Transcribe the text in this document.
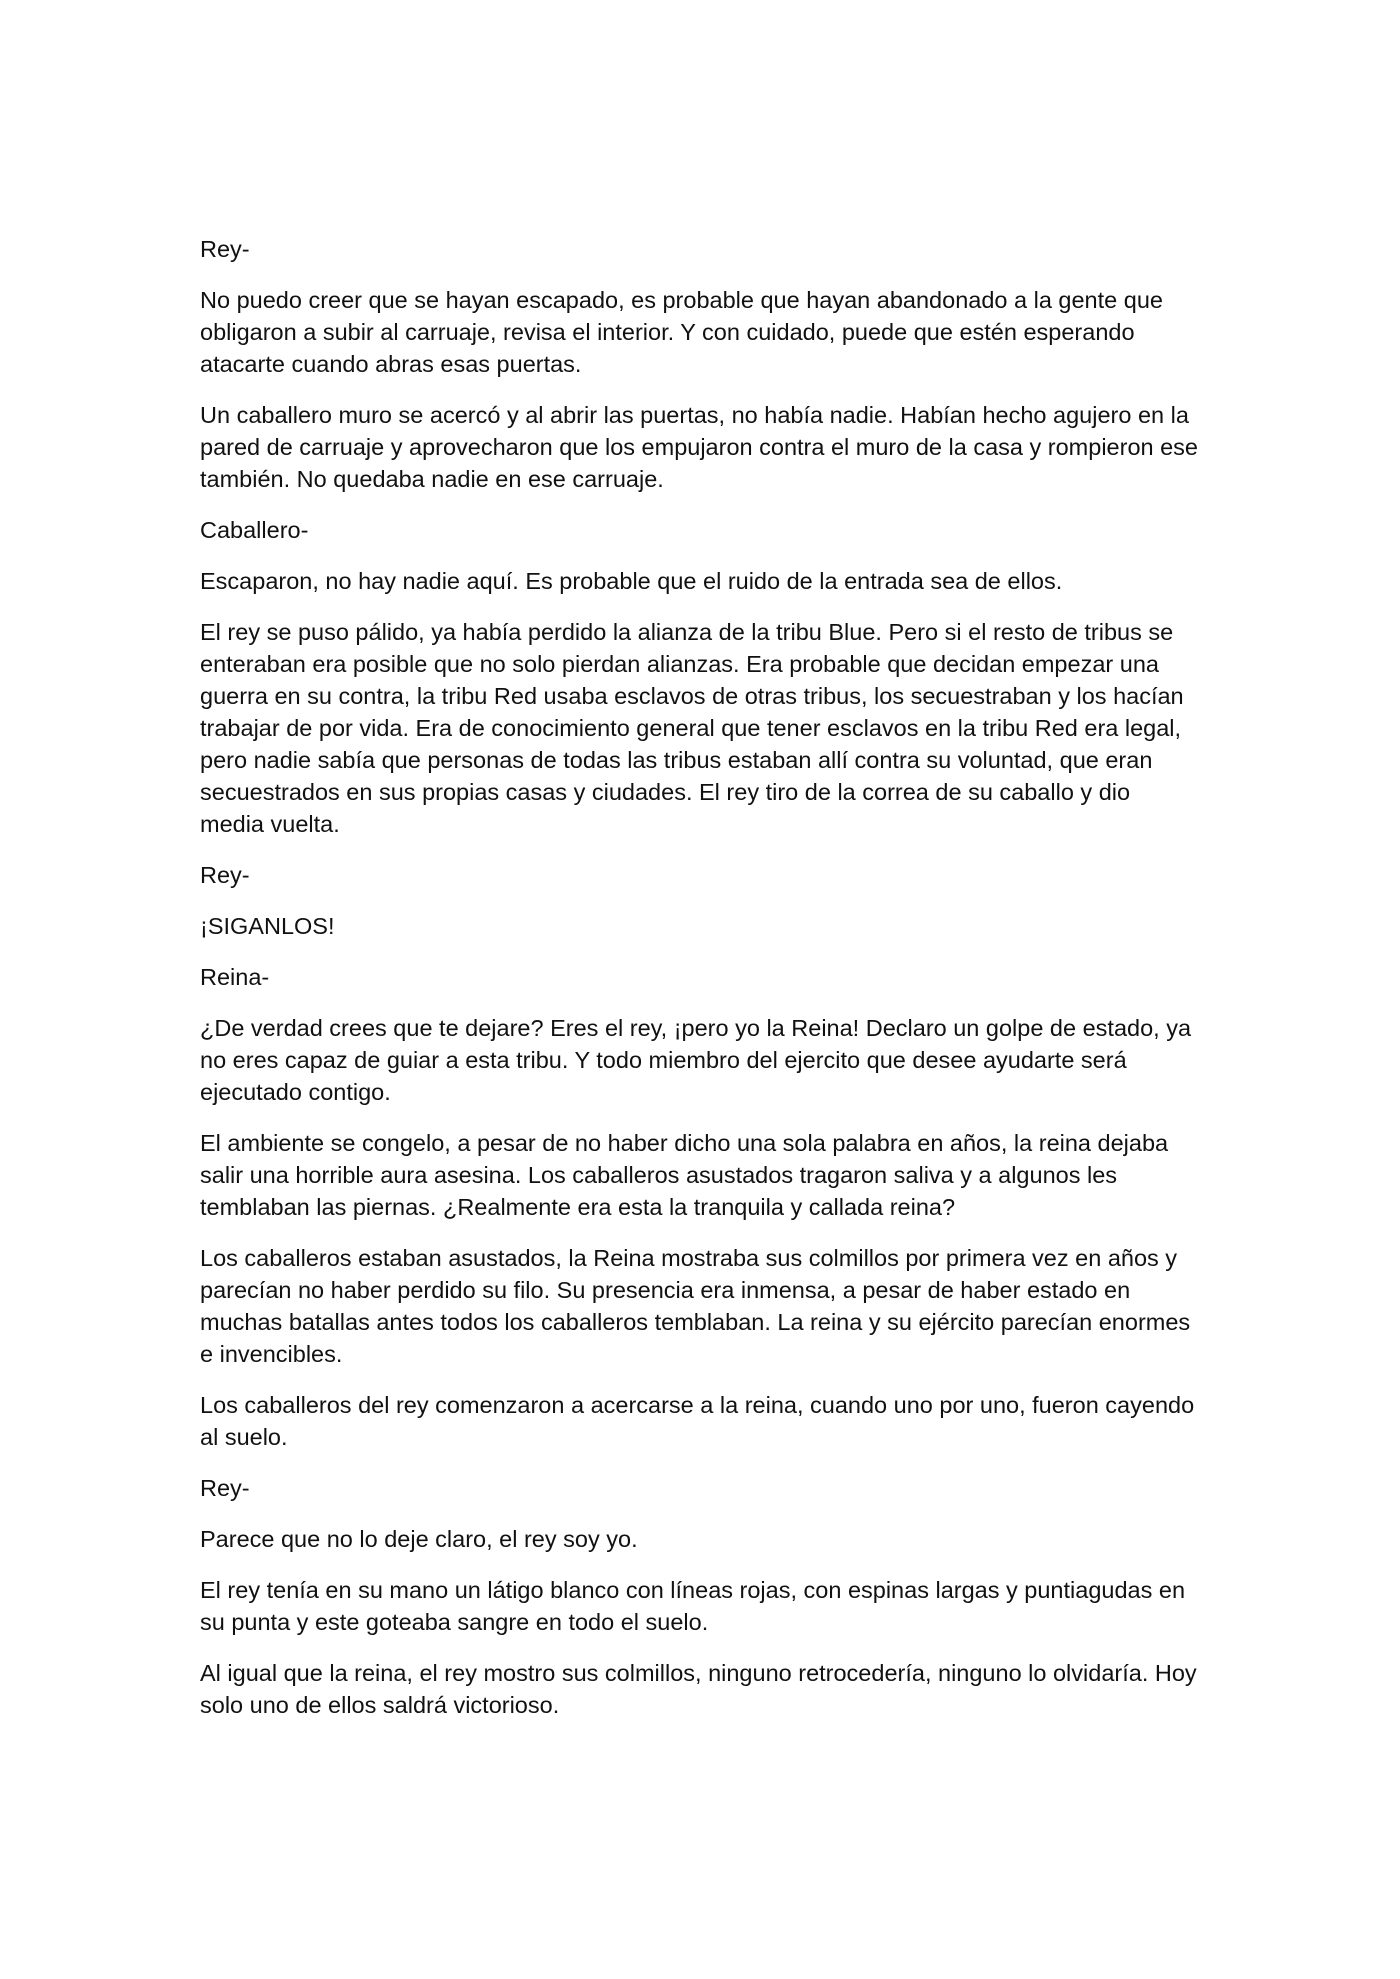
Rey-

No puedo creer que se hayan escapado, es probable que hayan abandonado a la gente que obligaron a subir al carruaje, revisa el interior. Y con cuidado, puede que estén esperando atacarte cuando abras esas puertas.

Un caballero muro se acercó y al abrir las puertas, no había nadie. Habían hecho agujero en la pared de carruaje y aprovecharon que los empujaron contra el muro de la casa y rompieron ese también. No quedaba nadie en ese carruaje.

Caballero-

Escaparon, no hay nadie aquí. Es probable que el ruido de la entrada sea de ellos.

El rey se puso pálido, ya había perdido la alianza de la tribu Blue. Pero si el resto de tribus se enteraban era posible que no solo pierdan alianzas. Era probable que decidan empezar una guerra en su contra, la tribu Red usaba esclavos de otras tribus, los secuestraban y los hacían trabajar de por vida. Era de conocimiento general que tener esclavos en la tribu Red era legal, pero nadie sabía que personas de todas las tribus estaban allí contra su voluntad, que eran secuestrados en sus propias casas y ciudades. El rey tiro de la correa de su caballo y dio media vuelta.

Rey-

¡SIGANLOS!

Reina-

¿De verdad crees que te dejare? Eres el rey, ¡pero yo la Reina! Declaro un golpe de estado, ya no eres capaz de guiar a esta tribu. Y todo miembro del ejercito que desee ayudarte será ejecutado contigo.

El ambiente se congelo, a pesar de no haber dicho una sola palabra en años, la reina dejaba salir una horrible aura asesina. Los caballeros asustados tragaron saliva y a algunos les temblaban las piernas. ¿Realmente era esta la tranquila y callada reina?

Los caballeros estaban asustados, la Reina mostraba sus colmillos por primera vez en años y parecían no haber perdido su filo. Su presencia era inmensa, a pesar de haber estado en muchas batallas antes todos los caballeros temblaban. La reina y su ejército parecían enormes e invencibles.

Los caballeros del rey comenzaron a acercarse a la reina, cuando uno por uno, fueron cayendo al suelo.

Rey-

Parece que no lo deje claro, el rey soy yo.

El rey tenía en su mano un látigo blanco con líneas rojas, con espinas largas y puntiagudas en su punta y este goteaba sangre en todo el suelo.

Al igual que la reina, el rey mostro sus colmillos, ninguno retrocedería, ninguno lo olvidaría. Hoy solo uno de ellos saldrá victorioso.
